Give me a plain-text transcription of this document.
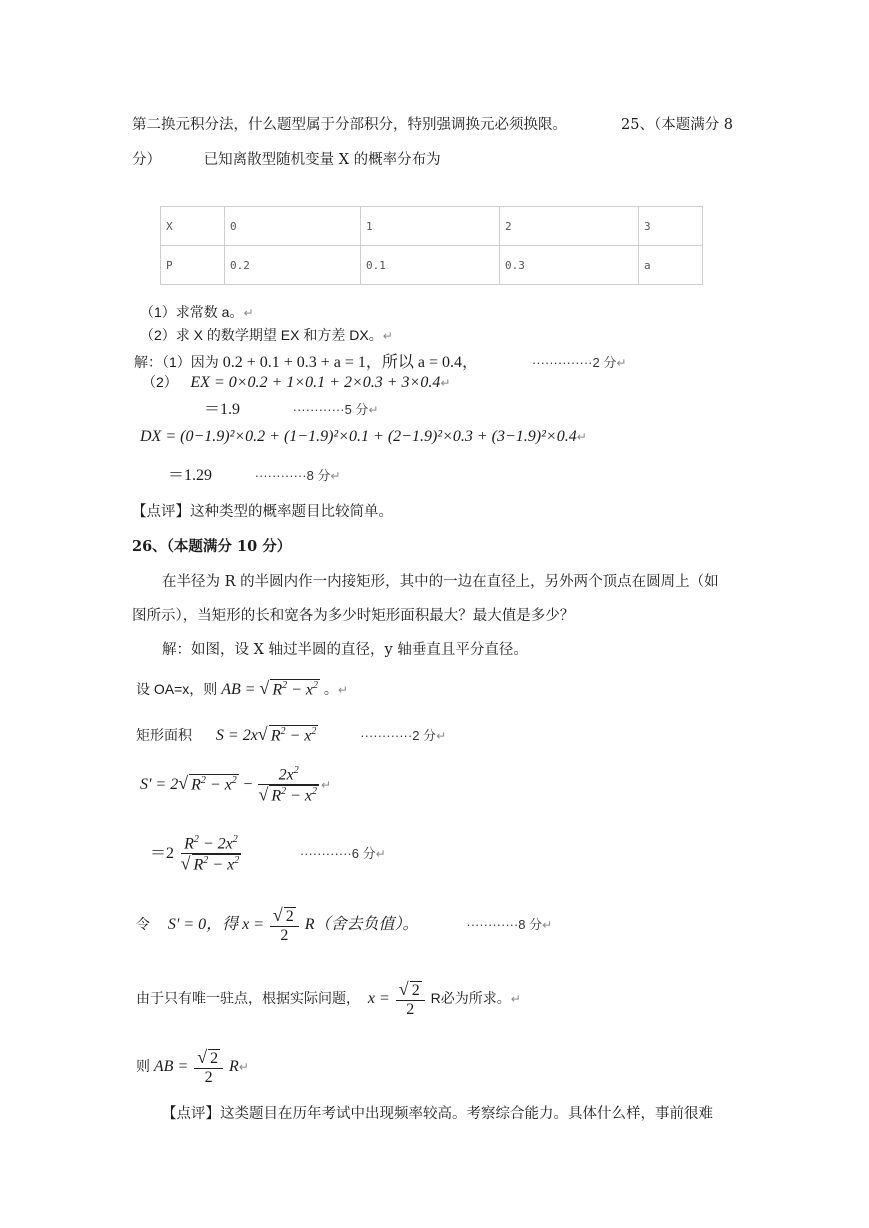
第二换元积分法，什么题型属于分部积分，特别强调换元必须换限。	25、（本题满分 8
分）	已知离散型随机变量 X 的概率分布为
X	0	1	2	3
P	0.2	0.1	0.3	a
（1）求常数 a。↵
（2）求 X 的数学期望 EX 和方差 DX。↵
解：（1）因为 0.2 + 0.1 + 0.3 + a = 1，所以 a = 0.4，	··············2 分↵
（2） EX = 0×0.2 + 1×0.1 + 2×0.3 + 3×0.4↵
＝1.9	············5 分↵
DX = (0−1.9)²×0.2 + (1−1.9)²×0.1 + (2−1.9)²×0.3 + (3−1.9)²×0.4↵
＝1.29	············8 分↵
【点评】这种类型的概率题目比较简单。
26、（本题满分 10 分）
在半径为 R 的半圆内作一内接矩形，其中的一边在直径上，另外两个顶点在圆周上（如
图所示），当矩形的长和宽各为多少时矩形面积最大？最大值是多少？
解：如图，设 X 轴过半圆的直径，y 轴垂直且平分直径。
设 OA=x，则 AB = √ $R^2 - x^2$ 。↵
矩形面积 S = 2x√ $R^2 - x^2$	············2 分↵
S' = 2√ $R^2 - x^2 - \frac{2x^2}{√ R^2 - x^2}$ ↵
$=2 \frac{R^2 - 2x^2}{√ R^2 - x^2}$	············6 分↵
令 S' = 0，得 $x = \frac{√ 2}{2} R$（舍去负值）。	············8 分↵
由于只有唯一驻点，根据实际问题， $x = \frac{√ 2}{2}$ R必为所求。↵
则 AB = $\frac{√ 2}{2}$ R↵
【点评】这类题目在历年考试中出现频率较高。考察综合能力。具体什么样，事前很难
